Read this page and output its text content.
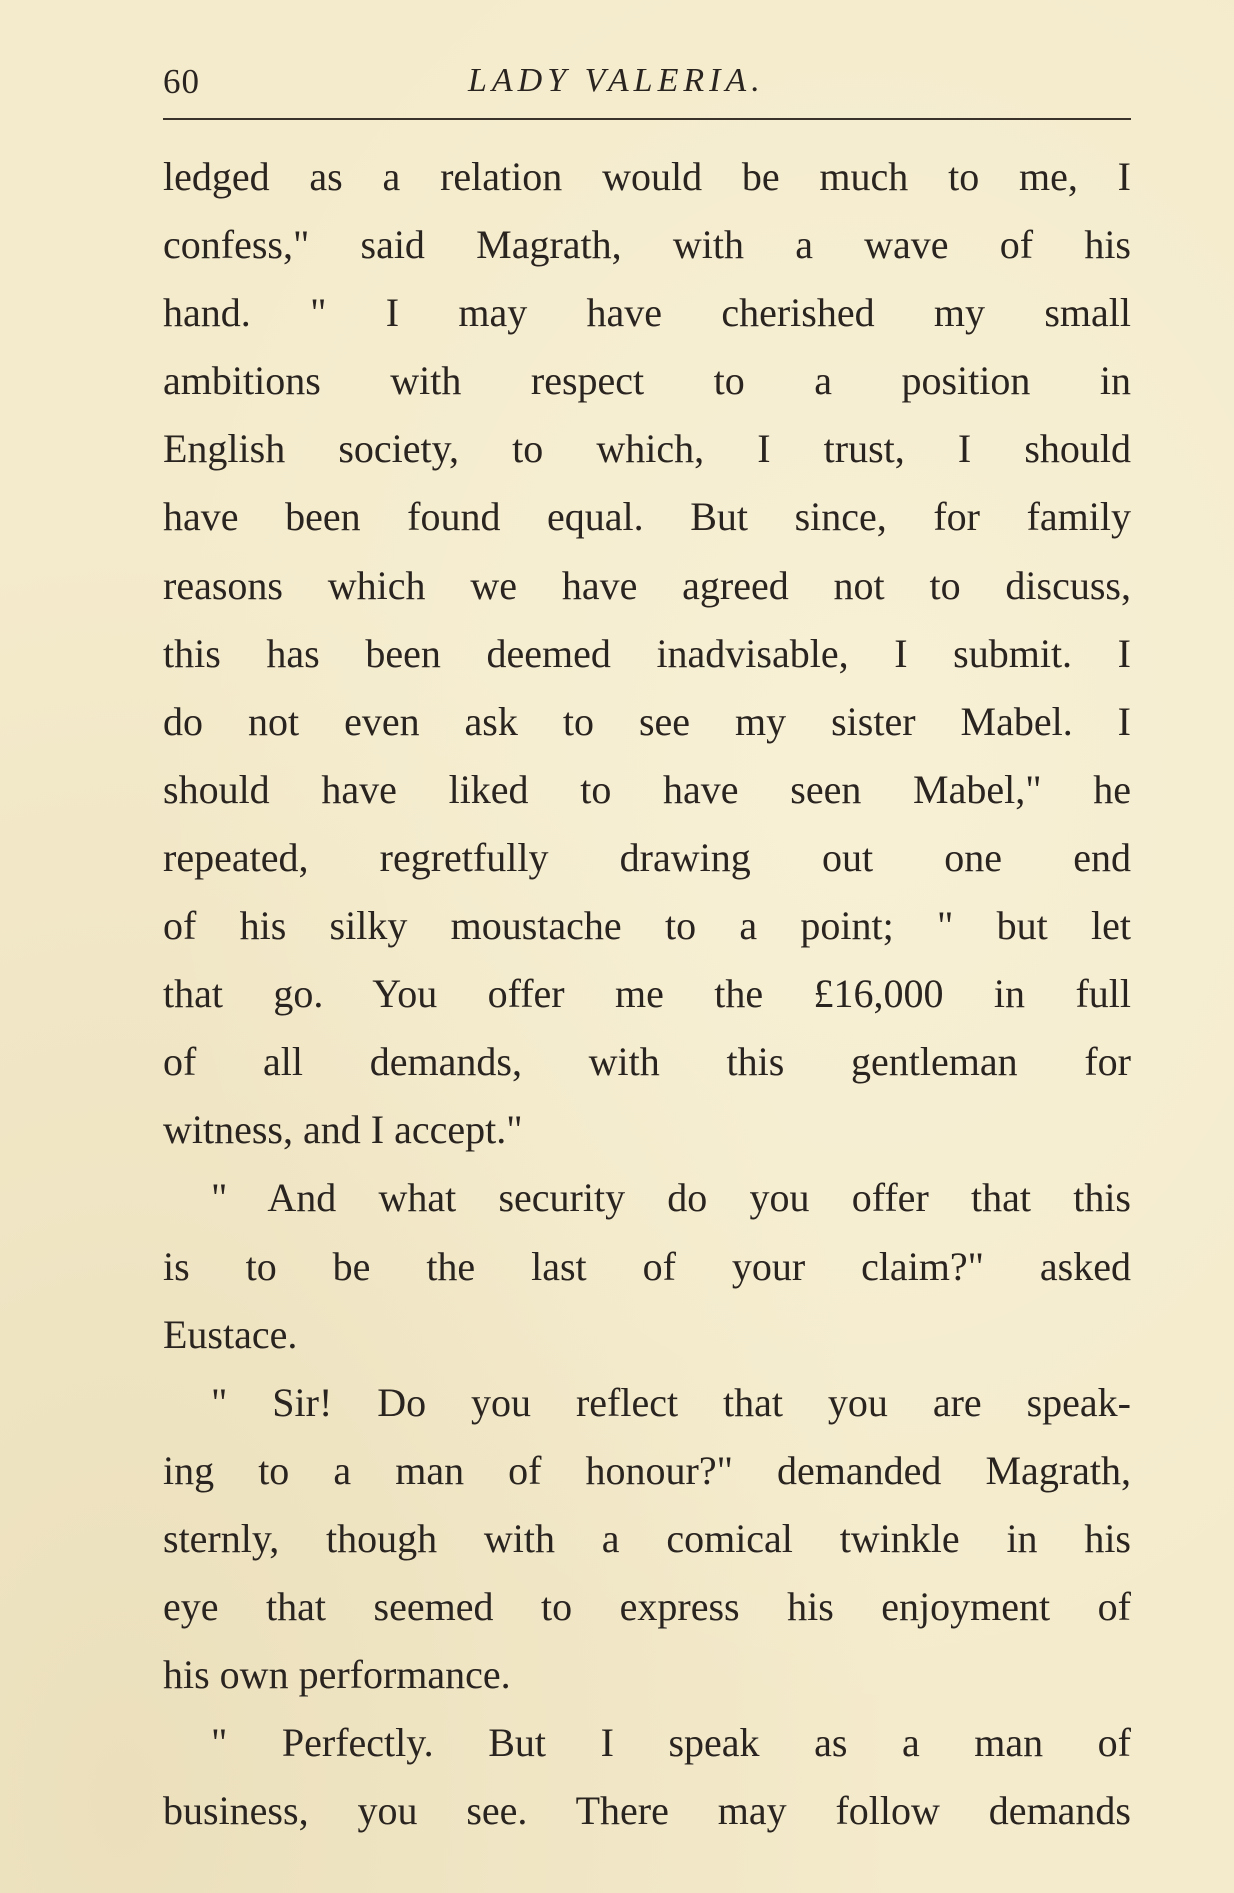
60	LADY VALERIA.
ledged as a relation would be much to me, I
confess," said Magrath, with a wave of his
hand. " I may have cherished my small
ambitions with respect to a position in
English society, to which, I trust, I should
have been found equal. But since, for family
reasons which we have agreed not to discuss,
this has been deemed inadvisable, I submit. I
do not even ask to see my sister Mabel. I
should have liked to have seen Mabel," he
repeated, regretfully drawing out one end
of his silky moustache to a point; " but let
that go. You offer me the £16,000 in full
of all demands, with this gentleman for
witness, and I accept."
" And what security do you offer that this
is to be the last of your claim?" asked
Eustace.
" Sir! Do you reflect that you are speak-
ing to a man of honour?" demanded Magrath,
sternly, though with a comical twinkle in his
eye that seemed to express his enjoyment of
his own performance.
" Perfectly. But I speak as a man of
business, you see. There may follow demands
